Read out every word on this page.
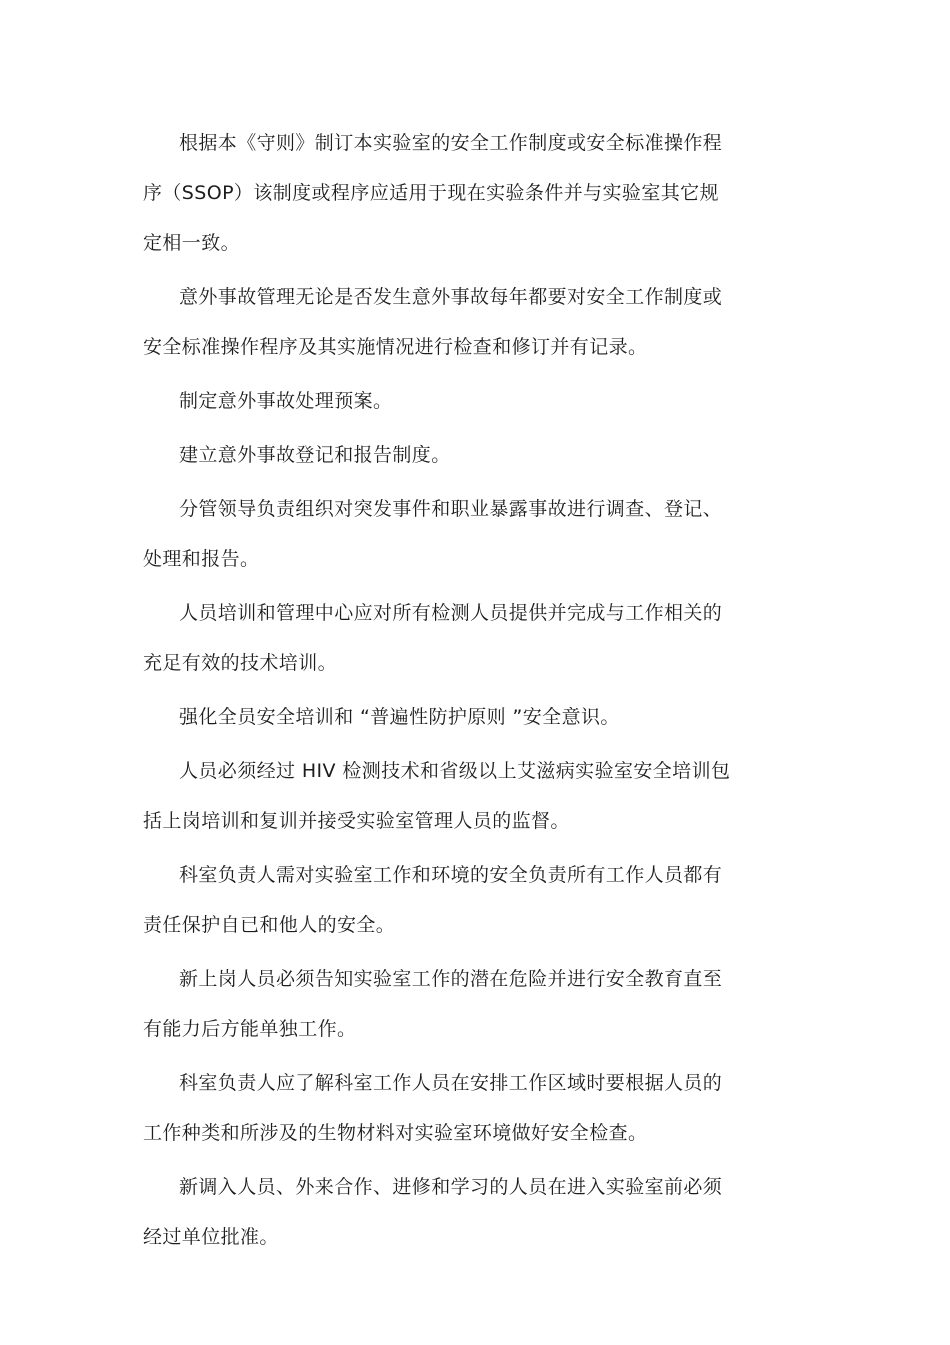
根据本《守则》制订本实验室的安全工作制度或安全标准操作程
序（SSOP）该制度或程序应适用于现在实验条件并与实验室其它规
定相一致。

意外事故管理无论是否发生意外事故每年都要对安全工作制度或
安全标准操作程序及其实施情况进行检查和修订并有记录。

制定意外事故处理预案。

建立意外事故登记和报告制度。

分管领导负责组织对突发事件和职业暴露事故进行调查、登记、
处理和报告。

人员培训和管理中心应对所有检测人员提供并完成与工作相关的
充足有效的技术培训。

强化全员安全培训和 “普遍性防护原则 ”安全意识。

人员必须经过 HIV 检测技术和省级以上艾滋病实验室安全培训包
括上岗培训和复训并接受实验室管理人员的监督。

科室负责人需对实验室工作和环境的安全负责所有工作人员都有
责任保护自已和他人的安全。

新上岗人员必须告知实验室工作的潜在危险并进行安全教育直至
有能力后方能单独工作。

科室负责人应了解科室工作人员在安排工作区域时要根据人员的
工作种类和所涉及的生物材料对实验室环境做好安全检查。

新调入人员、外来合作、进修和学习的人员在进入实验室前必须
经过单位批准。
